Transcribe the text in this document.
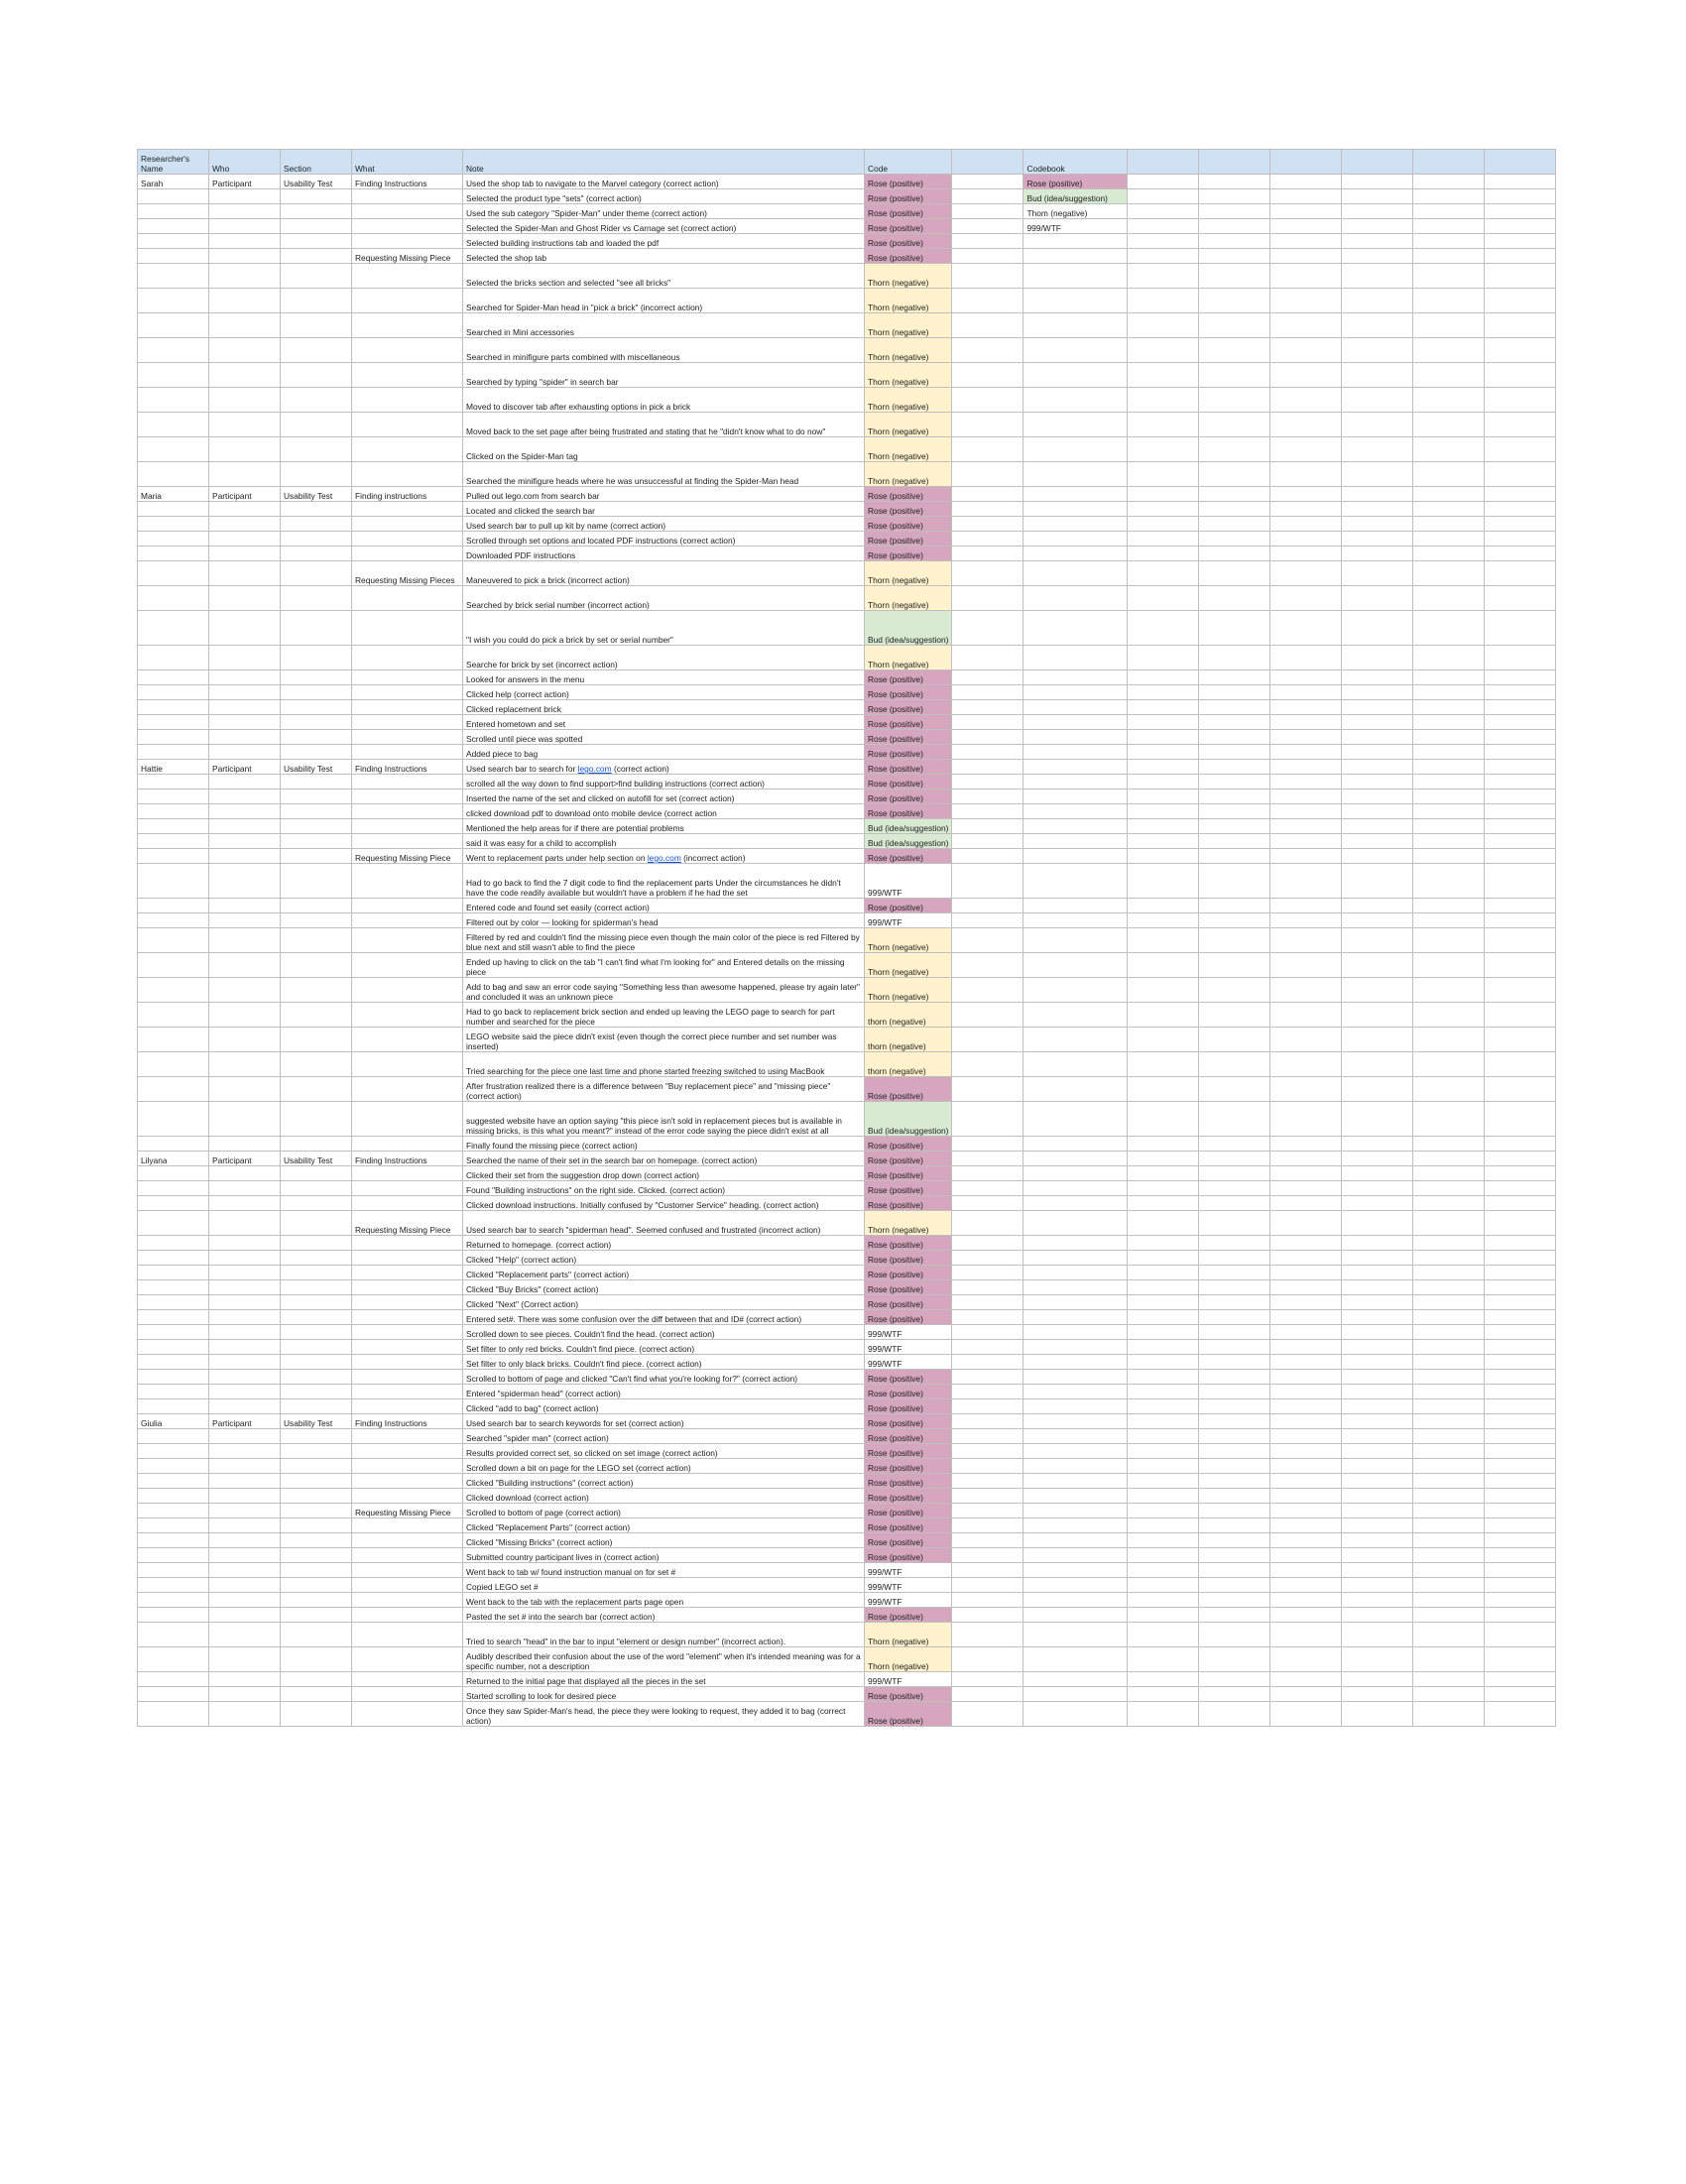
Researcher's Name	Who	Section	What	Note	Code		Codebook						
Sarah	Participant	Usability Test	Finding Instructions	Used the shop tab to navigate to the Marvel category (correct action)	Rose (positive)		Rose (positive)						
				Selected the product type "sets" (correct action)	Rose (positive)		Bud (idea/suggestion)						
				Used the sub category "Spider-Man" under theme (correct action)	Rose (positive)		Thom (negative)						
				Selected the Spider-Man and Ghost Rider vs Carnage set (correct action)	Rose (positive)		999/WTF						
				Selected building instructions tab and loaded the pdf	Rose (positive)								
			Requesting Missing Piece	Selected the shop tab	Rose (positive)								
				Selected the bricks section and selected "see all bricks"	Thorn (negative)								
				Searched for Spider-Man head in "pick a brick" (incorrect action)	Thorn (negative)								
				Searched in Mini accessories	Thorn (negative)								
				Searched in minifigure parts combined with miscellaneous	Thorn (negative)								
				Searched by typing "spider" in search bar	Thorn (negative)								
				Moved to discover tab after exhausting options in pick a brick	Thorn (negative)								
				Moved back to the set page after being frustrated and stating that he "didn't know what to do now"	Thorn (negative)								
				Clicked on the Spider-Man tag	Thorn (negative)								
				Searched the minifigure heads where he was unsuccessful at finding the Spider-Man head	Thorn (negative)								
Maria	Participant	Usability Test	Finding instructions	Pulled out lego.com from search bar	Rose (positive)								
				Located and clicked the search bar	Rose (positive)								
				Used search bar to pull up kit by name (correct action)	Rose (positive)								
				Scrolled through set options and located PDF instructions (correct action)	Rose (positive)								
				Downloaded PDF instructions	Rose (positive)								
			Requesting Missing Pieces	Maneuvered to pick a brick (incorrect action)	Thorn (negative)								
				Searched by brick serial number (incorrect action)	Thorn (negative)								
				"I wish you could do pick a brick by set or serial number"	Bud (idea/suggestion)								
				Searche for brick by set (incorrect action)	Thorn (negative)								
				Looked for answers in the menu	Rose (positive)								
				Clicked help (correct action)	Rose (positive)								
				Clicked replacement brick	Rose (positive)								
				Entered hometown and set	Rose (positive)								
				Scrolled until piece was spotted	Rose (positive)								
				Added piece to bag	Rose (positive)								
Hattie	Participant	Usability Test	Finding Instructions	Used search bar to search for lego.com (correct action)	Rose (positive)								
				scrolled all the way down to find support>find building instructions (correct action)	Rose (positive)								
				Inserted the name of the set and clicked on autofill for set (correct action)	Rose (positive)								
				clicked download pdf to download onto mobile device (correct action	Rose (positive)								
				Mentioned the help areas for if there are potential problems	Bud (idea/suggestion)								
				said it was easy for a child to accomplish	Bud (idea/suggestion)								
			Requesting Missing Piece	Went to replacement parts under help section on lego.com (incorrect action)	Rose (positive)								
				Had to go back to find the 7 digit code to find the replacement parts Under the circumstances he didn't have the code readily available but wouldn't have a problem if he had the set	999/WTF								
				Entered code and found set easily (correct action)	Rose (positive)								
				Filtered out by color — looking for spiderman's head	999/WTF								
				Filtered by red and couldn't find the missing piece even though the main color of the piece is red Filtered by blue next and still wasn't able to find the piece	Thorn (negative)								
				Ended up having to click on the tab "I can't find what I'm looking for" and Entered details on the missing piece	Thorn (negative)								
				Add to bag and saw an error code saying "Something less than awesome happened, please try again later" and concluded it was an unknown piece	Thorn (negative)								
				Had to go back to replacement brick section and ended up leaving the LEGO page to search for part number and searched for the piece	thorn (negative)								
				LEGO website said the piece didn't exist (even though the correct piece number and set number was inserted)	thorn (negative)								
				Tried searching for the piece one last time and phone started freezing switched to using MacBook	thorn (negative)								
				After frustration realized there is a difference between "Buy replacement piece" and "missing piece" (correct action)	Rose (positive)								
				suggested website have an option saying "this piece isn't sold in replacement pieces but is available in missing bricks, is this what you meant?" instead of the error code saying the piece didn't exist at all	Bud (idea/suggestion)								
				Finally found the missing piece (correct action)	Rose (positive)								
Lilyana	Participant	Usability Test	Finding Instructions	Searched the name of their set in the search bar on homepage. (correct action)	Rose (positive)								
				Clicked their set from the suggestion drop down (correct action)	Rose (positive)								
				Found "Building instructions" on the right side. Clicked. (correct action)	Rose (positive)								
				Clicked download instructions. Initially confused by "Customer Service" heading. (correct action)	Rose (positive)								
			Requesting Missing Piece	Used search bar to search "spiderman head". Seemed confused and frustrated (incorrect action)	Thorn (negative)								
				Returned to homepage. (correct action)	Rose (positive)								
				Clicked "Help" (correct action)	Rose (positive)								
				Clicked "Replacement parts" (correct action)	Rose (positive)								
				Clicked "Buy Bricks" (correct action)	Rose (positive)								
				Clicked "Next" (Correct action)	Rose (positive)								
				Entered set#. There was some confusion over the diff between that and ID# (correct action)	Rose (positive)								
				Scrolled down to see pieces. Couldn't find the head. (correct action)	999/WTF								
				Set filter to only red bricks. Couldn't find piece. (correct action)	999/WTF								
				Set filter to only black bricks. Couldn't find piece. (correct action)	999/WTF								
				Scrolled to bottom of page and clicked "Can't find what you're looking for?" (correct action)	Rose (positive)								
				Entered "spiderman head" (correct action)	Rose (positive)								
				Clicked "add to bag" (correct action)	Rose (positive)								
Giulia	Participant	Usability Test	Finding Instructions	Used search bar to search keywords for set (correct action)	Rose (positive)								
				Searched "spider man" (correct action)	Rose (positive)								
				Results provided correct set, so clicked on set image (correct action)	Rose (positive)								
				Scrolled down a bit on page for the LEGO set (correct action)	Rose (positive)								
				Clicked "Building instructions" (correct action)	Rose (positive)								
				Clicked download (correct action)	Rose (positive)								
			Requesting Missing Piece	Scrolled to bottom of page (correct action)	Rose (positive)								
				Clicked "Replacement Parts" (correct action)	Rose (positive)								
				Clicked "Missing Bricks" (correct action)	Rose (positive)								
				Submitted country participant lives in (correct action)	Rose (positive)								
				Went back to tab w/ found instruction manual on for set #	999/WTF								
				Copied LEGO set #	999/WTF								
				Went back to the tab with the replacement parts page open	999/WTF								
				Pasted the set # into the search bar (correct action)	Rose (positive)								
				Tried to search "head" in the bar to input "element or design number" (incorrect action).	Thorn (negative)								
				Audibly described their confusion about the use of the word "element" when it's intended meaning was for a specific number, not a description	Thorn (negative)								
				Returned to the initial page that displayed all the pieces in the set	999/WTF								
				Started scrolling to look for desired piece	Rose (positive)								
				Once they saw Spider-Man's head, the piece they were looking to request, they added it to bag (correct action)	Rose (positive)								
